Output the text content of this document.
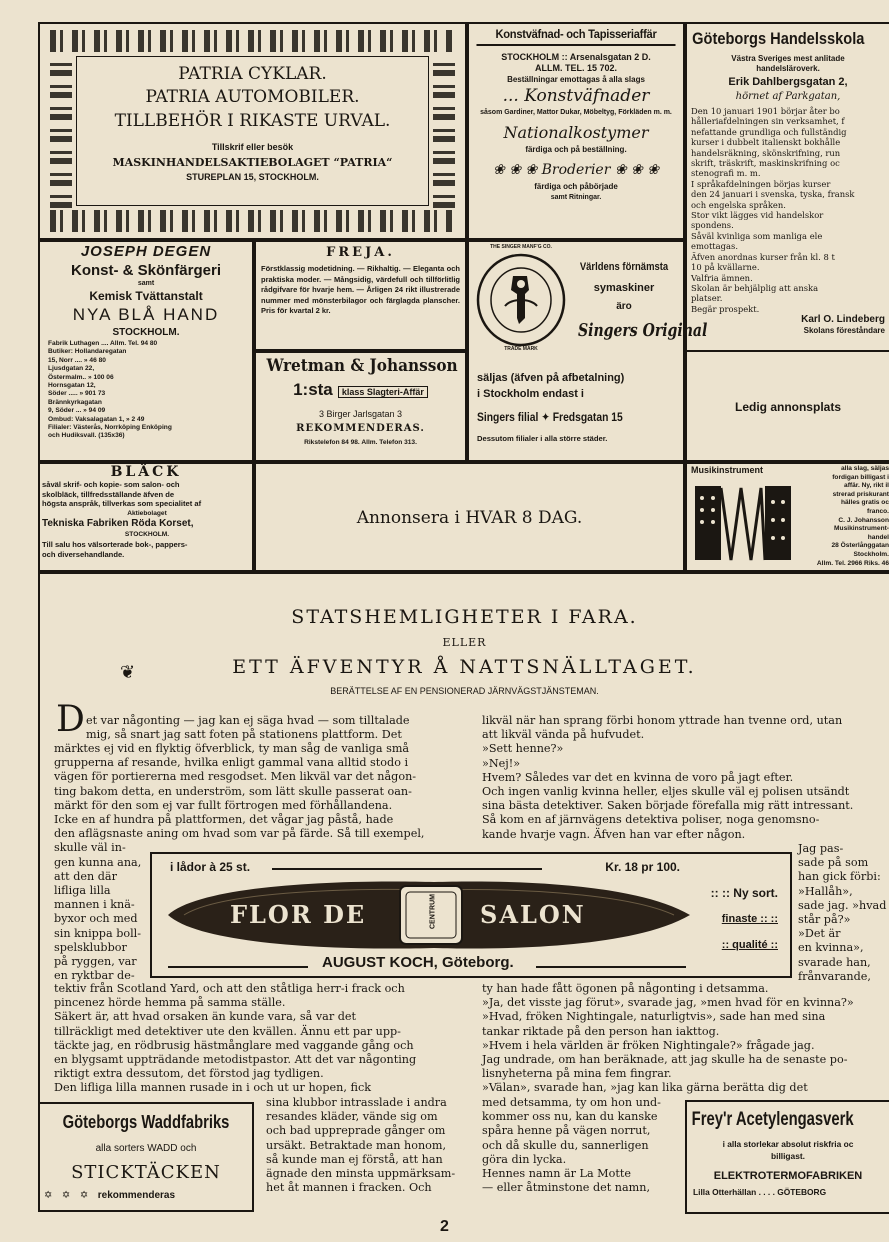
PATRIA CYKLAR.
PATRIA AUTOMOBILER.
TILLBEHÖR I RIKASTE URVAL.
Tillskrif eller besök
MASKINHANDELSAKTIEBOLAGET “PATRIA“
STUREPLAN 15, STOCKHOLM.
Konstväfnad- och Tapisseriaffär
STOCKHOLM :: Arsenalsgatan 2 D.
ALLM. TEL. 15 702.
Beställningar emottagas å alla slags
... Konstväfnader
såsom Gardiner, Mattor Dukar, Möbeltyg, Förkläden m. m.
Nationalkostymer
färdiga och på beställning.
❀ ❀ ❀ Broderier ❀ ❀ ❀
färdiga och påbörjade
samt Ritningar.
Göteborgs Handelsskola
Västra Sveriges mest anlitade
handelsläroverk.
Erik Dahlbergsgatan 2,
hörnet af Parkgatan,
Den 10 januari 1901 börjar åter bo
hålleriafdelningen sin verksamhet, f
nefattande grundliga och fullständig
kurser i dubbelt italienskt bokhålle
handelsräkning, skönskrifning, run
skrift, träskrift, maskinskrifning oc
stenografi m. m.
I språkafdelningen börjas kurser
den 24 januari i svenska, tyska, fransk
och engelska språken.
Stor vikt lägges vid handelskor
spondens.
Såväl kvinliga som manliga ele
emottagas.
Äfven anordnas kurser från kl. 8 t
10 på kvällarne.
Valfria ämnen.
Skolan är behjälplig att anska
platser.
Begär prospekt.
Karl O. Lindeberg
Skolans föreståndare
JOSEPH DEGEN
Konst- & Skönfärgeri
samt
Kemisk Tvättanstalt
NYA BLÅ HAND
STOCKHOLM.
Fabrik Luthagen .... Allm. Tel. 94 80
Butiker: Hollandaregatan
15, Norr .... » 46 80
Ljusdgatan 22,
Östermalm.. » 100 06
Hornsgatan 12,
Söder ..... » 901 73
Brännkyrkagatan
9, Söder ... » 94 09
Ombud: Vaksalagatan 1, » 2 49
Filialer: Västerås, Norrköping Enköping
och Hudiksvall. (135x36)
FREJA.

Förstklassig modetidning. — Rikhaltig. — Eleganta och praktiska moder. — Mångsidig, värdefull och tillförlitlig rådgifvare för hvarje hem. — Årligen 24 rikt illustrerade nummer med mönsterbilagor och färglagda planscher. Pris för kvartal 2 kr.

Wretman & Johansson
1:sta klass Slagteri-Affär
3 Birger Jarlsgatan 3
REKOMMENDERAS.
Rikstelefon 84 98. Allm. Telefon 313.
THE SINGER MANF'G CO.
TRADE MARK
Världens förnämsta
symaskiner
äro
Singers Original
säljas (äfven på afbetalning)
i Stockholm endast i
Singers filial ✦ Fredsgatan 15
Dessutom filialer i alla större städer.
Ledig annonsplats
BLÄCK
såväl skrif- och kopie- som salon- och
skolbläck, tillfredsställande äfven de
högsta anspråk, tillverkas som specialitet af
Aktiebolaget
Tekniska Fabriken Röda Korset,
STOCKHOLM.
Till salu hos välsorterade bok-, pappers-
och diversehandlande.
Annonsera i HVAR 8 DAG.
Musikinstrument	alla slag, säljas
fordigan billigast i
affär. Ny, rikt il
strerad priskurant
hälles gratis oc
franco.
C. J. Johansson
Musikinstrument-
handel
28 Österlånggatan
Stockholm.
Allm. Tel. 2966 Riks. 46
STATSHEMLIGHETER I FARA.
ELLER
ETT ÄFVENTYR Å NATTSNÄLLTAGET.
BERÄTTELSE AF EN PENSIONERAD JÄRNVÄGSTJÄNSTEMAN.
❦
D et var någonting — jag kan ej säga hvad — som tilltalade
mig, så snart jag satt foten på stationens plattform. Det
märktes ej vid en flyktig öfverblick, ty man såg de vanliga små
grupperna af resande, hvilka enligt gammal vana alltid stodo i
vägen för portiererna med resgodset. Men likväl var det någon-
ting bakom detta, en underström, som lätt skulle passerat oan-
märkt för den som ej var fullt förtrogen med förhållandena.
Icke en af hundra på plattformen, det vågar jag påstå, hade
den aflägsnaste aning om hvad som var på färde. Så till exempel,
skulle väl in-
gen kunna ana,
att den där
lifliga lilla
mannen i knä-
byxor och med
sin knippa boll-
spelsklubbor
på ryggen, var
en ryktbar de-
tektiv från Scotland Yard, och att den ståtliga herr-i frack och
pincenez hörde hemma på samma ställe.
Säkert är, att hvad orsaken än kunde vara, så var det
tillräckligt med detektiver ute den kvällen. Ännu ett par upp-
täckte jag, en rödbrusig hästmånglare med vaggande gång och
en blygsamt uppträdande metodistpastor. Att det var någonting
riktigt extra dessutom, det förstod jag tydligen.
Den lifliga lilla mannen rusade in i och ut ur hopen, fick
sina klubbor intrasslade i andra
resandes kläder, vände sig om
och bad uppreprade gånger om
ursäkt. Betraktade man honom,
så kunde man ej förstå, att han
ägnade den minsta uppmärksam-
het åt mannen i fracken. Och
likväl när han sprang förbi honom yttrade han tvenne ord, utan
att likväl vända på hufvudet.
»Sett henne?»
»Nej!»
Hvem? Således var det en kvinna de voro på jagt efter.
Och ingen vanlig kvinna heller, eljes skulle väl ej polisen utsändt
sina bästa detektiver. Saken började förefalla mig rätt intressant.
Så kom en af järnvägens detektiva poliser, noga genomsno-
kande hvarje vagn. Äfven han var efter någon.
Jag pas-
sade på som
han gick förbi:
»Hallåh»,
sade jag. »hvad
står på?»
»Det är
en kvinna»,
svarade han,
frånvarande,
ty han hade fått ögonen på någonting i detsamma.
»Ja, det visste jag förut», svarade jag, »men hvad för en kvinna?»
»Hvad, fröken Nightingale, naturligtvis», sade han med sina
tankar riktade på den person han iakttog.
»Hvem i hela världen är fröken Nightingale?» frågade jag.
Jag undrade, om han beräknade, att jag skulle ha de senaste po-
lisnyheterna på mina fem fingrar.
»Välan», svarade han, »jag kan lika gärna berätta dig det
med detsamma, ty om hon und-
kommer oss nu, kan du kanske
spåra henne på vägen norrut,
och då skulle du, sannerligen
göra din lycka.
Hennes namn är La Motte
— eller åtminstone det namn,
i lådor à 25 st.	Kr. 18 pr 100.
FLOR DE	SALON
CENTRUM
:: :: Ny sort.
finaste :: ::
:: qualité ::
AUGUST KOCH, Göteborg.
Göteborgs Waddfabriks
alla sorters WADD och
STICKTÄCKEN
✡   ✡   ✡   rekommenderas
Frey'r Acetylengasverk
i alla storlekar absolut riskfria oc
billigast.
ELEKTROTERMOFABRIKEN
Lilla Otterhällan . . . . GÖTEBORG
2
